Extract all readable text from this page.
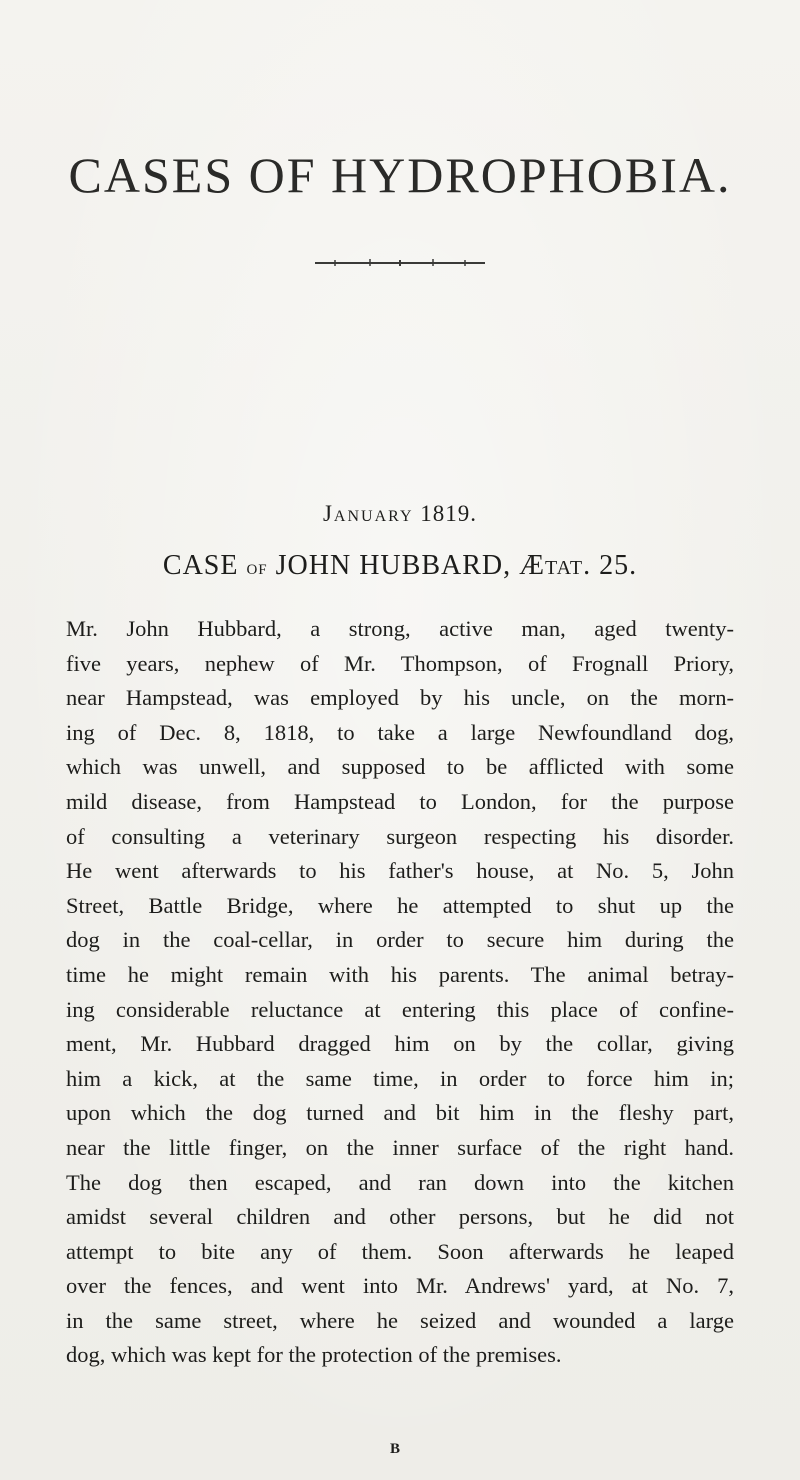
CASES OF HYDROPHOBIA.
January 1819.
CASE of JOHN HUBBARD, Ætat. 25.
Mr. John Hubbard, a strong, active man, aged twenty-
five years, nephew of Mr. Thompson, of Frognall Priory,
near Hampstead, was employed by his uncle, on the morn-
ing of Dec. 8, 1818, to take a large Newfoundland dog,
which was unwell, and supposed to be afflicted with some
mild disease, from Hampstead to London, for the purpose
of consulting a veterinary surgeon respecting his disorder.
He went afterwards to his father's house, at No. 5, John
Street, Battle Bridge, where he attempted to shut up the
dog in the coal-cellar, in order to secure him during the
time he might remain with his parents. The animal betray-
ing considerable reluctance at entering this place of confine-
ment, Mr. Hubbard dragged him on by the collar, giving
him a kick, at the same time, in order to force him in;
upon which the dog turned and bit him in the fleshy part,
near the little finger, on the inner surface of the right hand.
The dog then escaped, and ran down into the kitchen
amidst several children and other persons, but he did not
attempt to bite any of them. Soon afterwards he leaped
over the fences, and went into Mr. Andrews' yard, at No. 7,
in the same street, where he seized and wounded a large
dog, which was kept for the protection of the premises.
B
